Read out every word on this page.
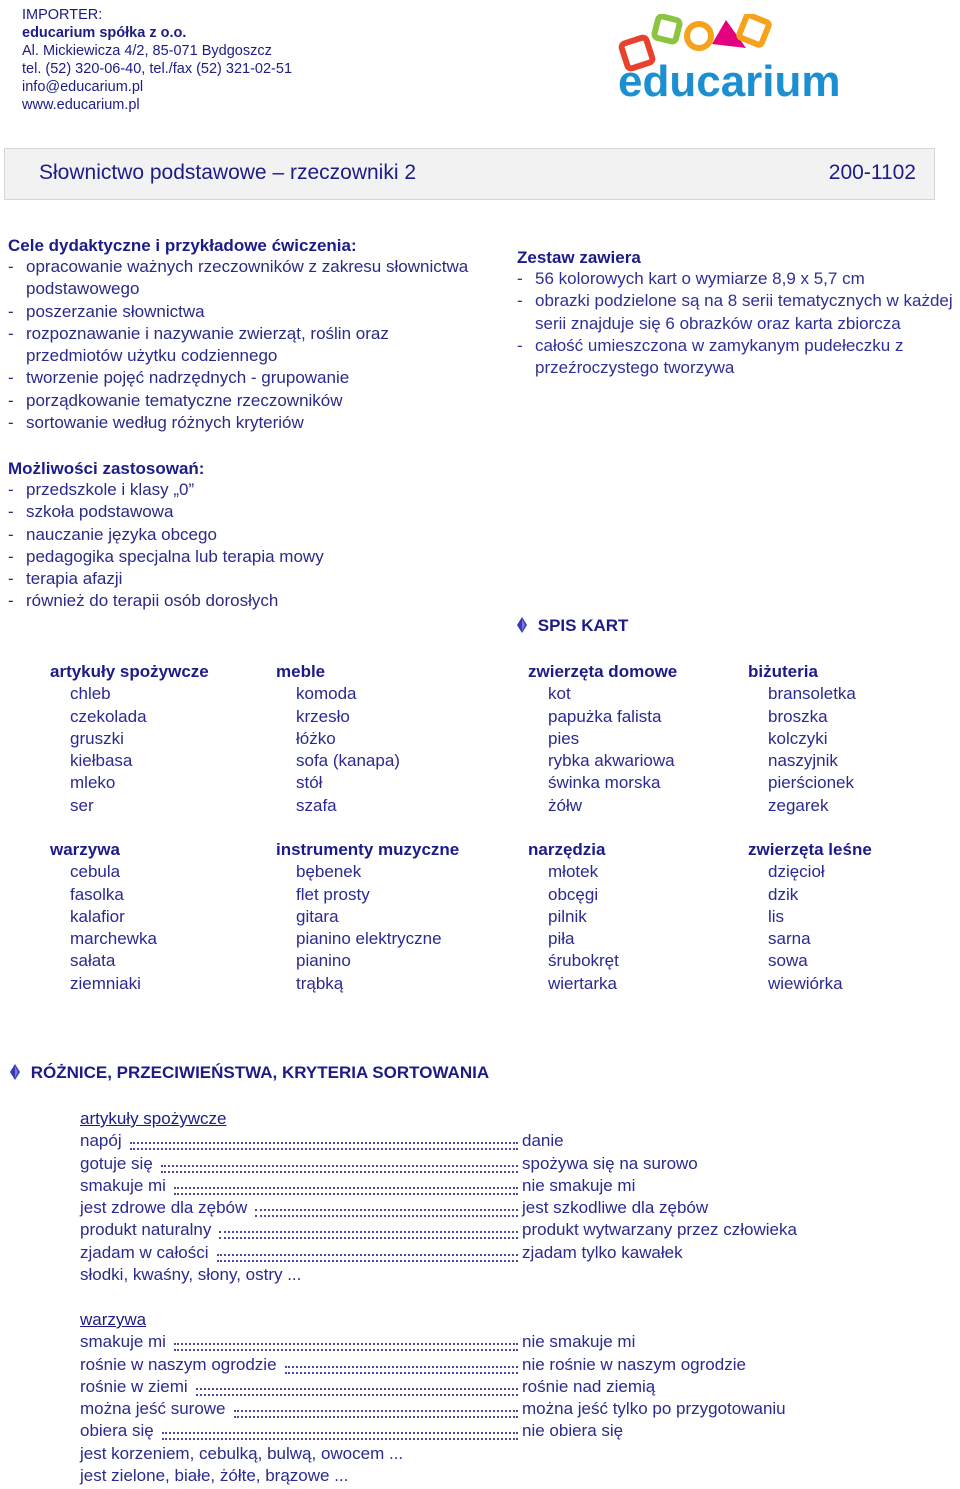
IMPORTER:
educarium spółka z o.o.
Al. Mickiewicza 4/2, 85-071 Bydgoszcz
tel. (52) 320-06-40, tel./fax (52) 321-02-51
info@educarium.pl
www.educarium.pl	educarium
Słownictwo podstawowe – rzeczowniki 2	200-1102
Cele dydaktyczne i przykładowe ćwiczenia:
- opracowanie ważnych rzeczowników z zakresu słownictwa podstawowego
- poszerzanie słownictwa
- rozpoznawanie i nazywanie zwierząt, roślin oraz przedmiotów użytku codziennego
- tworzenie pojęć nadrzędnych - grupowanie
- porządkowanie tematyczne rzeczowników
- sortowanie według różnych kryteriów
Możliwości zastosowań:
- przedszkole i klasy „0”
- szkoła podstawowa
- nauczanie języka obcego
- pedagogika specjalna lub terapia mowy
- terapia afazji
- również do terapii osób dorosłych
Zestaw zawiera
- 56 kolorowych kart o wymiarze 8,9 x 5,7 cm
- obrazki podzielone są na 8 serii tematycznych w każdej serii znajduje się 6 obrazków oraz karta zbiorcza
- całość umieszczona w zamykanym pudełeczku z przeźroczystego tworzywa
SPIS KART
artykuły spożywcze
chleb
czekolada
gruszki
kiełbasa
mleko
ser
meble
komoda
krzesło
łóżko
sofa (kanapa)
stół
szafa
zwierzęta domowe
kot
papużka falista
pies
rybka akwariowa
świnka morska
żółw
biżuteria
bransoletka
broszka
kolczyki
naszyjnik
pierścionek
zegarek
warzywa
cebula
fasolka
kalafior
marchewka
sałata
ziemniaki
instrumenty muzyczne
bębenek
flet prosty
gitara
pianino elektryczne
pianino
trąbką
narzędzia
młotek
obcęgi
pilnik
piła
śrubokręt
wiertarka
zwierzęta leśne
dzięcioł
dzik
lis
sarna
sowa
wiewiórka
RÓŻNICE, PRZECIWIEŃSTWA, KRYTERIA SORTOWANIA
artykuły spożywcze
napój	danie
gotuje się	spożywa się na surowo
smakuje mi	nie smakuje mi
jest zdrowe dla zębów	jest szkodliwe dla zębów
produkt naturalny	produkt wytwarzany przez człowieka
zjadam w całości	zjadam tylko kawałek
słodki, kwaśny, słony, ostry ...
warzywa
smakuje mi	nie smakuje mi
rośnie w naszym ogrodzie	nie rośnie w naszym ogrodzie
rośnie w ziemi	rośnie nad ziemią
można jeść surowe	można jeść tylko po przygotowaniu
obiera się	nie obiera się
jest korzeniem, cebulką, bulwą, owocem ...
jest zielone, białe, żółte, brązowe ...
